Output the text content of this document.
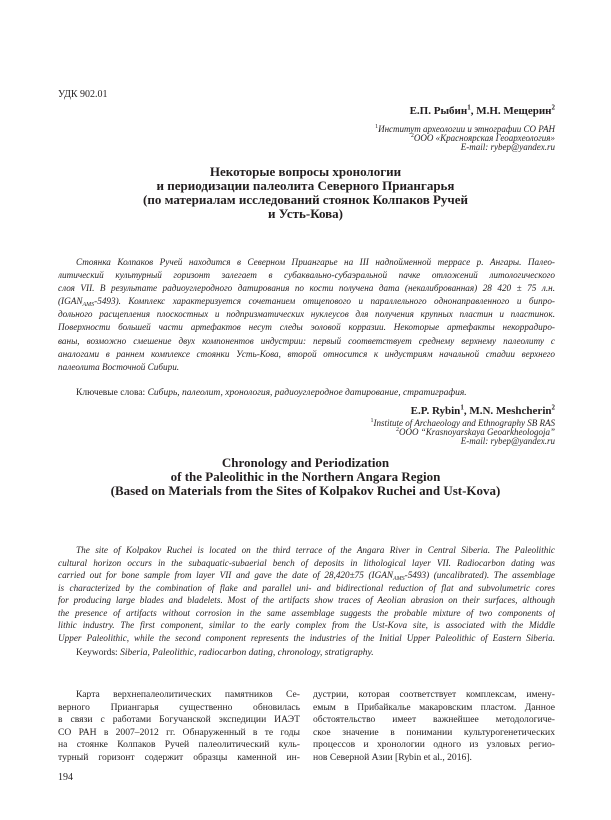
УДК 902.01
Е.П. Рыбин$^1$, М.Н. Мещерин$^2$
$^1$Институт археологии и этнографии СО РАН
$^2$ООО «Красноярская Геоархеология»
E-mail: rybep@yandex.ru
Некоторые вопросы хронологии
и периодизации палеолита Северного Приангарья
(по материалам исследований стоянок Колпаков Ручей
и Усть-Кова)
Стоянка Колпаков Ручей находится в Северном Приангарье на III надпойменной террасе р. Ангары. Палео-
литический культурный горизонт залегает в субаквально-субаэральной пачке отложений литологического
слоя VII. В результате радиоуглеродного датирования по кости получена дата (некалиброванная) 28 420 ± 75 л.н.
$(IGAN_{AMS}-5493)$. Комплекс характеризуется сочетанием отщепового и параллельного однонаправленного и бипро-
дольного расщепления плоскостных и подпризматических нуклеусов для получения крупных пластин и пластинок.
Поверхности большей части артефактов несут следы эоловой корразии. Некоторые артефакты некоррадиро-
ваны, возможно смешение двух компонентов индустрии: первый соответствует среднему верхнему палеолиту с
аналогами в раннем комплексе стоянки Усть-Кова, второй относится к индустриям начальной стадии верхнего
палеолита Восточной Сибири.
Ключевые слова: Сибирь, палеолит, хронология, радиоуглеродное датирование, стратиграфия.
E.P. Rybin$^1$, M.N. Meshcherin$^2$
$^1$Institute of Archaeology and Ethnography SB RAS
$^2$OOO “Krasnoyarskaya Geoarkheologoja”
E-mail: rybep@yandex.ru
Chronology and Periodization
of the Paleolithic in the Northern Angara Region
(Based on Materials from the Sites of Kolpakov Ruchei and Ust-Kova)
The site of Kolpakov Ruchei is located on the third terrace of the Angara River in Central Siberia. The Paleolithic
cultural horizon occurs in the subaquatic-subaerial bench of deposits in lithological layer VII. Radiocarbon dating was
carried out for bone sample from layer VII and gave the date of 28,420±75 $(IGAN_{AMS}-5493)$ (uncalibrated). The assemblage
is characterized by the combination of flake and parallel uni- and bidirectional reduction of flat and subvolumetric cores
for producing large blades and bladelets. Most of the artifacts show traces of Aeolian abrasion on their surfaces, although
the presence of artifacts without corrosion in the same assemblage suggests the probable mixture of two components of
lithic industry. The first component, similar to the early complex from the Ust-Kova site, is associated with the Middle
Upper Paleolithic, while the second component represents the industries of the Initial Upper Paleolithic of Eastern Siberia.
Keywords: Siberia, Paleolithic, radiocarbon dating, chronology, stratigraphy.
Карта верхнепалеолитических памятников Се-
верного Приангарья существенно обновилась
в связи с работами Богучанской экспедиции ИАЭТ
СО РАН в 2007–2012 гг. Обнаруженный в те годы
на стоянке Колпаков Ручей палеолитический куль-
турный горизонт содержит образцы каменной ин-
дустрии, которая соответствует комплексам, имену-
емым в Прибайкалье макаровским пластом. Данное
обстоятельство имеет важнейшее методологиче-
ское значение в понимании культурогенетических
процессов и хронологии одного из узловых регио-
нов Северной Азии [Rybin et al., 2016].
194
